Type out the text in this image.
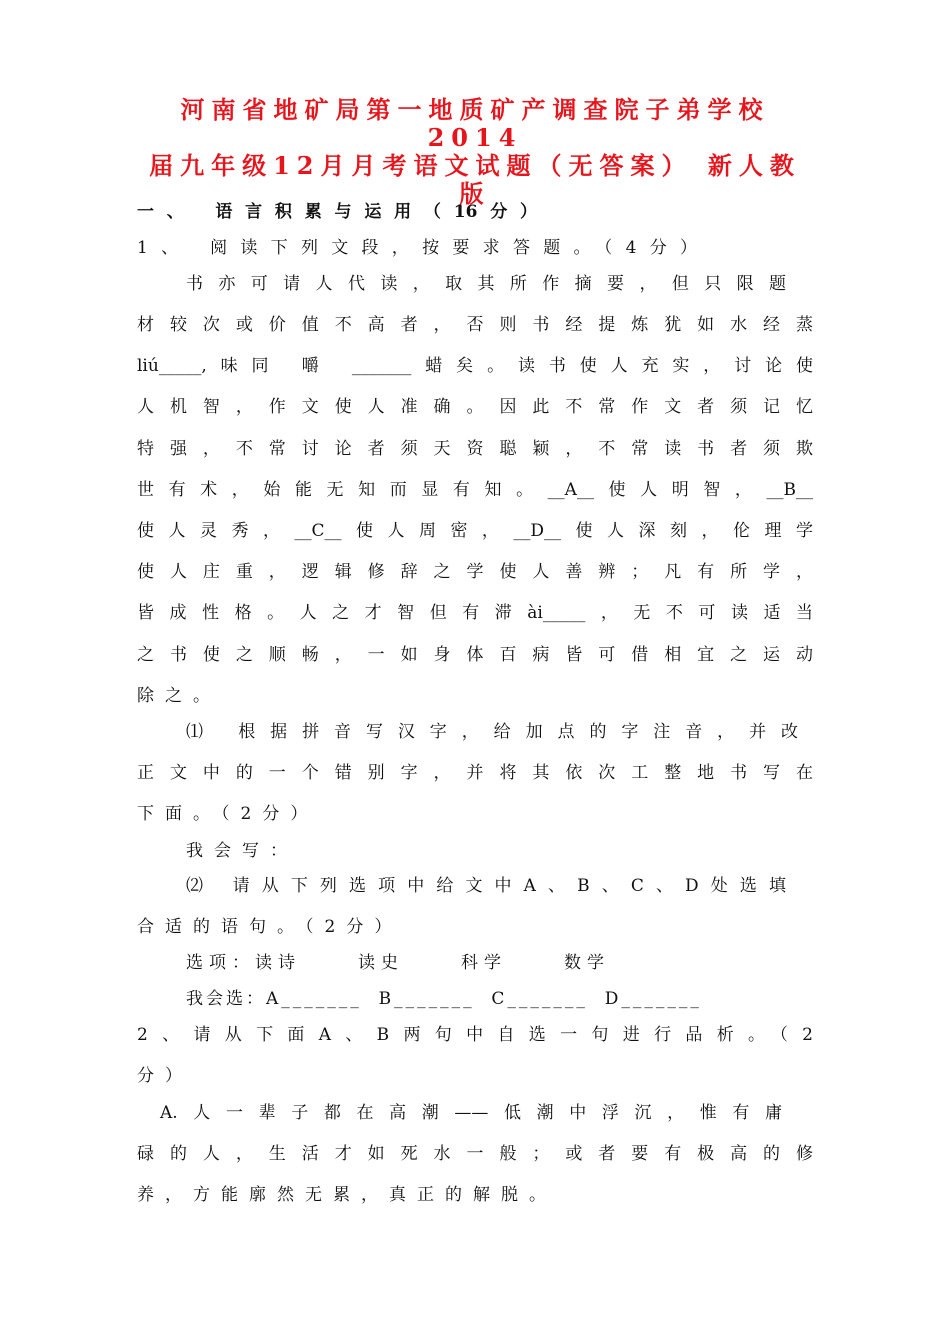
河南省地矿局第一地质矿产调查院子弟学校2014
届九年级12月月考语文试题（无答案） 新人教
版
一、 语言积累与运用（16分）
1、 阅读下列文段，按要求答题。（4分）
书亦可请人代读，取其所作摘要，但只限题
材较次或价值不高者，否则书经提炼犹如水经蒸
liú_____,味同 嚼 _______蜡矣。读书使人充实，讨论使
人机智，作文使人准确。因此不常作文者须记忆
特强，不常讨论者须天资聪颖，不常读书者须欺
世有术，始能无知而显有知。__A__使人明智，__B__
使人灵秀，__C__使人周密，__D__使人深刻，伦理学
使人庄重，逻辑修辞之学使人善辨；凡有所学，
皆成性格。人之才智但有滞ài_____，无不可读适当
之书使之顺畅，一如身体百病皆可借相宜之运动
除之。
⑴ 根据拼音写汉字，给加点的字注音，并改
正文中的一个错别字，并将其依次工整地书写在
下面。（2分）
我会写：
⑵ 请从下列选项中给文中A、B、C、D处选填
合适的语句。（2分）
选项：读诗     读史     科学     数学
我会选：A_______  B_______  C_______  D_______
2、请从下面A、B两句中自选一句进行品析。（2
分）
A.人一辈子都在高潮——低潮中浮沉，惟有庸
碌的人，生活才如死水一般；或者要有极高的修
养，方能廓然无累，真正的解脱。
